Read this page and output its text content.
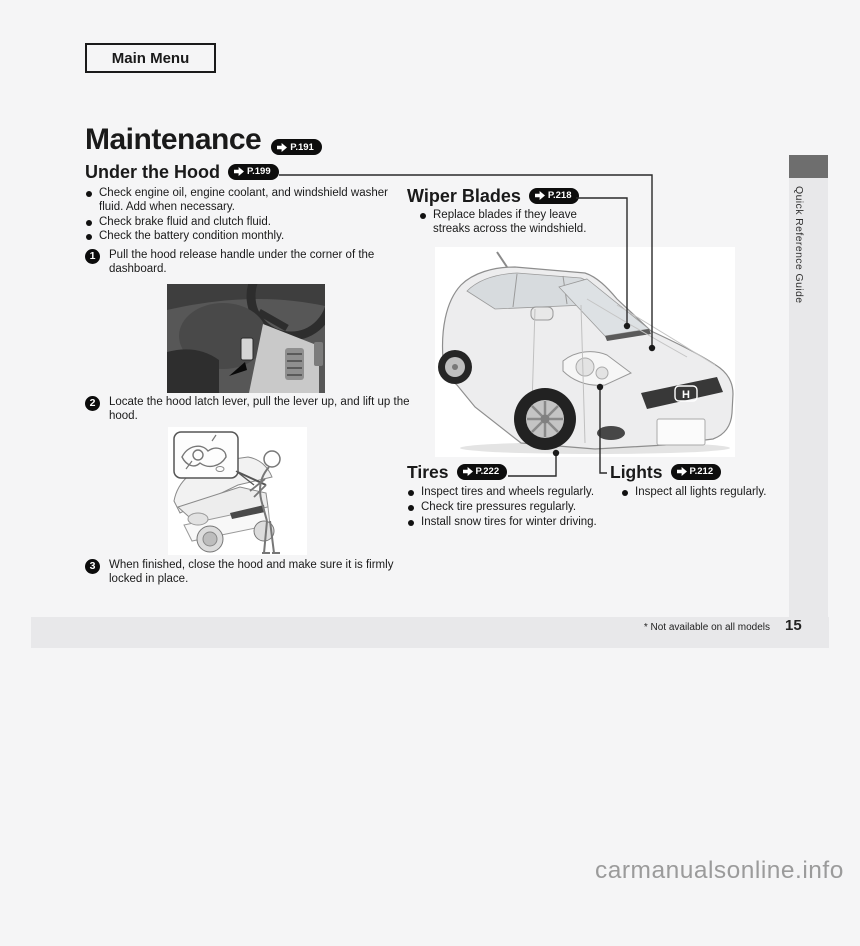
Main Menu
Maintenance	P.191
Under the Hood	P.199
Check engine oil, engine coolant, and windshield washer fluid. Add when necessary.
Check brake fluid and clutch fluid.
Check the battery condition monthly.
1	Pull the hood release handle under the corner of the dashboard.

2	Locate the hood latch lever, pull the lever up, and lift up the hood.

3	When finished, close the hood and make sure it is firmly locked in place.

Wiper Blades	P.218
Replace blades if they leave streaks across the windshield.
H
Tires	P.222
Inspect tires and wheels regularly.
Check tire pressures regularly.
Install snow tires for winter driving.
Lights	P.212
Inspect all lights regularly.
Quick Reference Guide
* Not available on all models 15
carmanualsonline.info
